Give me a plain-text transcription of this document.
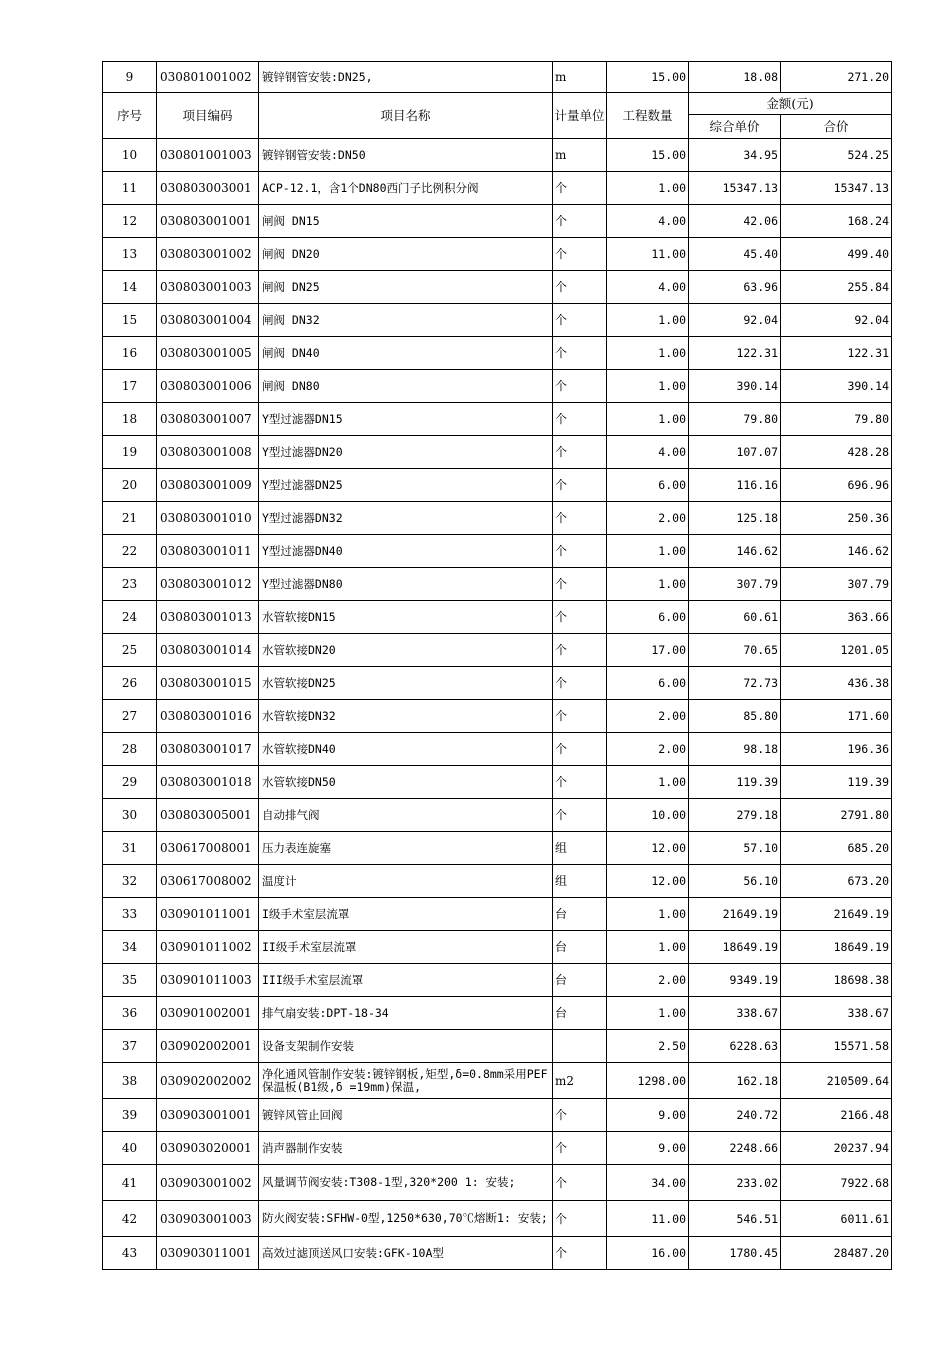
9	030801001002	镀锌钢管安装:DN25,	m	15.00	18.08	271.20
序号	项目编码	项目名称	计量单位	工程数量	金额(元)	
					综合单价	合价
10	030801001003	镀锌钢管安装:DN50	m	15.00	34.95	524.25
11	030803003001	ACP-12.1，含1个DN80西门子比例积分阀	个	1.00	15347.13	15347.13
12	030803001001	闸阀 DN15	个	4.00	42.06	168.24
13	030803001002	闸阀 DN20	个	11.00	45.40	499.40
14	030803001003	闸阀 DN25	个	4.00	63.96	255.84
15	030803001004	闸阀 DN32	个	1.00	92.04	92.04
16	030803001005	闸阀 DN40	个	1.00	122.31	122.31
17	030803001006	闸阀 DN80	个	1.00	390.14	390.14
18	030803001007	Y型过滤器DN15	个	1.00	79.80	79.80
19	030803001008	Y型过滤器DN20	个	4.00	107.07	428.28
20	030803001009	Y型过滤器DN25	个	6.00	116.16	696.96
21	030803001010	Y型过滤器DN32	个	2.00	125.18	250.36
22	030803001011	Y型过滤器DN40	个	1.00	146.62	146.62
23	030803001012	Y型过滤器DN80	个	1.00	307.79	307.79
24	030803001013	水管软接DN15	个	6.00	60.61	363.66
25	030803001014	水管软接DN20	个	17.00	70.65	1201.05
26	030803001015	水管软接DN25	个	6.00	72.73	436.38
27	030803001016	水管软接DN32	个	2.00	85.80	171.60
28	030803001017	水管软接DN40	个	2.00	98.18	196.36
29	030803001018	水管软接DN50	个	1.00	119.39	119.39
30	030803005001	自动排气阀	个	10.00	279.18	2791.80
31	030617008001	压力表连旋塞	组	12.00	57.10	685.20
32	030617008002	温度计	组	12.00	56.10	673.20
33	030901011001	I级手术室层流罩	台	1.00	21649.19	21649.19
34	030901011002	II级手术室层流罩	台	1.00	18649.19	18649.19
35	030901011003	III级手术室层流罩	台	2.00	9349.19	18698.38
36	030901002001	排气扇安装:DPT-18-34	台	1.00	338.67	338.67
37	030902002001	设备支架制作安装		2.50	6228.63	15571.58
38	030902002002	净化通风管制作安装:镀锌钢板,矩型,δ=0.8mm采用PEF保温板(B1级,δ =19mm)保温,	m2	1298.00	162.18	210509.64
39	030903001001	镀锌风管止回阀	个	9.00	240.72	2166.48
40	030903020001	消声器制作安装	个	9.00	2248.66	20237.94
41	030903001002	风量调节阀安装:T308-1型,320*200 1: 安装;	个	34.00	233.02	7922.68
42	030903001003	防火阀安装:SFHW-0型,1250*630,70℃熔断1: 安装;	个	11.00	546.51	6011.61
43	030903011001	高效过滤顶送风口安装:GFK-10A型	个	16.00	1780.45	28487.20
